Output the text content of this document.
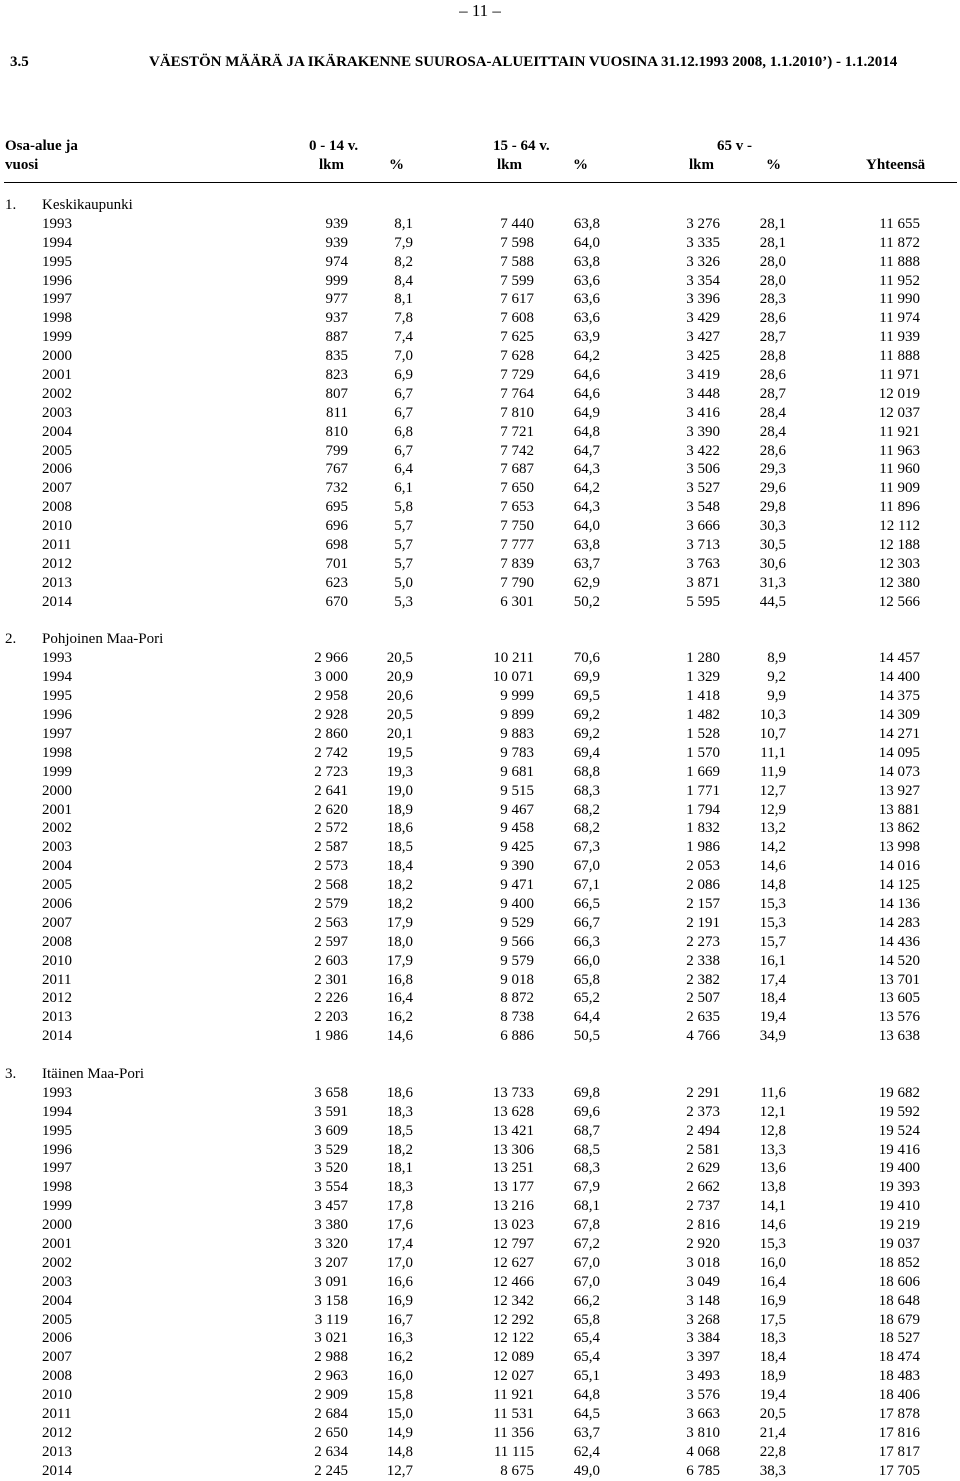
– 11 –
3.5	VÄESTÖN MÄÄRÄ JA IKÄRAKENNE SUUROSA-ALUEITTAIN VUOSINA 31.12.1993 2008, 1.1.2010’) - 1.1.2014
Osa-alue ja	0 - 14 v.	15 - 64 v.	65 v -
vuosi	lkm	%	lkm	%	lkm	%	Yhteensä
1. Keskikaupunki
1993	939	8,1	7 440	63,8	3 276	28,1	11 655
1994	939	7,9	7 598	64,0	3 335	28,1	11 872
1995	974	8,2	7 588	63,8	3 326	28,0	11 888
1996	999	8,4	7 599	63,6	3 354	28,0	11 952
1997	977	8,1	7 617	63,6	3 396	28,3	11 990
1998	937	7,8	7 608	63,6	3 429	28,6	11 974
1999	887	7,4	7 625	63,9	3 427	28,7	11 939
2000	835	7,0	7 628	64,2	3 425	28,8	11 888
2001	823	6,9	7 729	64,6	3 419	28,6	11 971
2002	807	6,7	7 764	64,6	3 448	28,7	12 019
2003	811	6,7	7 810	64,9	3 416	28,4	12 037
2004	810	6,8	7 721	64,8	3 390	28,4	11 921
2005	799	6,7	7 742	64,7	3 422	28,6	11 963
2006	767	6,4	7 687	64,3	3 506	29,3	11 960
2007	732	6,1	7 650	64,2	3 527	29,6	11 909
2008	695	5,8	7 653	64,3	3 548	29,8	11 896
2010	696	5,7	7 750	64,0	3 666	30,3	12 112
2011	698	5,7	7 777	63,8	3 713	30,5	12 188
2012	701	5,7	7 839	63,7	3 763	30,6	12 303
2013	623	5,0	7 790	62,9	3 871	31,3	12 380
2014	670	5,3	6 301	50,2	5 595	44,5	12 566
2. Pohjoinen Maa-Pori
1993	2 966	20,5	10 211	70,6	1 280	8,9	14 457
1994	3 000	20,9	10 071	69,9	1 329	9,2	14 400
1995	2 958	20,6	9 999	69,5	1 418	9,9	14 375
1996	2 928	20,5	9 899	69,2	1 482	10,3	14 309
1997	2 860	20,1	9 883	69,2	1 528	10,7	14 271
1998	2 742	19,5	9 783	69,4	1 570	11,1	14 095
1999	2 723	19,3	9 681	68,8	1 669	11,9	14 073
2000	2 641	19,0	9 515	68,3	1 771	12,7	13 927
2001	2 620	18,9	9 467	68,2	1 794	12,9	13 881
2002	2 572	18,6	9 458	68,2	1 832	13,2	13 862
2003	2 587	18,5	9 425	67,3	1 986	14,2	13 998
2004	2 573	18,4	9 390	67,0	2 053	14,6	14 016
2005	2 568	18,2	9 471	67,1	2 086	14,8	14 125
2006	2 579	18,2	9 400	66,5	2 157	15,3	14 136
2007	2 563	17,9	9 529	66,7	2 191	15,3	14 283
2008	2 597	18,0	9 566	66,3	2 273	15,7	14 436
2010	2 603	17,9	9 579	66,0	2 338	16,1	14 520
2011	2 301	16,8	9 018	65,8	2 382	17,4	13 701
2012	2 226	16,4	8 872	65,2	2 507	18,4	13 605
2013	2 203	16,2	8 738	64,4	2 635	19,4	13 576
2014	1 986	14,6	6 886	50,5	4 766	34,9	13 638
3. Itäinen Maa-Pori
1993	3 658	18,6	13 733	69,8	2 291	11,6	19 682
1994	3 591	18,3	13 628	69,6	2 373	12,1	19 592
1995	3 609	18,5	13 421	68,7	2 494	12,8	19 524
1996	3 529	18,2	13 306	68,5	2 581	13,3	19 416
1997	3 520	18,1	13 251	68,3	2 629	13,6	19 400
1998	3 554	18,3	13 177	67,9	2 662	13,8	19 393
1999	3 457	17,8	13 216	68,1	2 737	14,1	19 410
2000	3 380	17,6	13 023	67,8	2 816	14,6	19 219
2001	3 320	17,4	12 797	67,2	2 920	15,3	19 037
2002	3 207	17,0	12 627	67,0	3 018	16,0	18 852
2003	3 091	16,6	12 466	67,0	3 049	16,4	18 606
2004	3 158	16,9	12 342	66,2	3 148	16,9	18 648
2005	3 119	16,7	12 292	65,8	3 268	17,5	18 679
2006	3 021	16,3	12 122	65,4	3 384	18,3	18 527
2007	2 988	16,2	12 089	65,4	3 397	18,4	18 474
2008	2 963	16,0	12 027	65,1	3 493	18,9	18 483
2010	2 909	15,8	11 921	64,8	3 576	19,4	18 406
2011	2 684	15,0	11 531	64,5	3 663	20,5	17 878
2012	2 650	14,9	11 356	63,7	3 810	21,4	17 816
2013	2 634	14,8	11 115	62,4	4 068	22,8	17 817
2014	2 245	12,7	8 675	49,0	6 785	38,3	17 705
